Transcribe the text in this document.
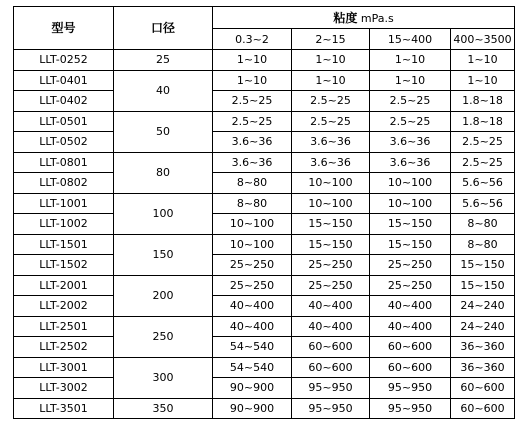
型号	口径	粘度 mPa.s			
		0.3~2	2~15	15~400	400~3500
LLT-0252	25	1~10	1~10	1~10	1~10
LLT-0401	40	1~10	1~10	1~10	1~10
LLT-0402		2.5~25	2.5~25	2.5~25	1.8~18
LLT-0501	50	2.5~25	2.5~25	2.5~25	1.8~18
LLT-0502		3.6~36	3.6~36	3.6~36	2.5~25
LLT-0801	80	3.6~36	3.6~36	3.6~36	2.5~25
LLT-0802		8~80	10~100	10~100	5.6~56
LLT-1001	100	8~80	10~100	10~100	5.6~56
LLT-1002		10~100	15~150	15~150	8~80
LLT-1501	150	10~100	15~150	15~150	8~80
LLT-1502		25~250	25~250	25~250	15~150
LLT-2001	200	25~250	25~250	25~250	15~150
LLT-2002		40~400	40~400	40~400	24~240
LLT-2501	250	40~400	40~400	40~400	24~240
LLT-2502		54~540	60~600	60~600	36~360
LLT-3001	300	54~540	60~600	60~600	36~360
LLT-3002		90~900	95~950	95~950	60~600
LLT-3501	350	90~900	95~950	95~950	60~600
